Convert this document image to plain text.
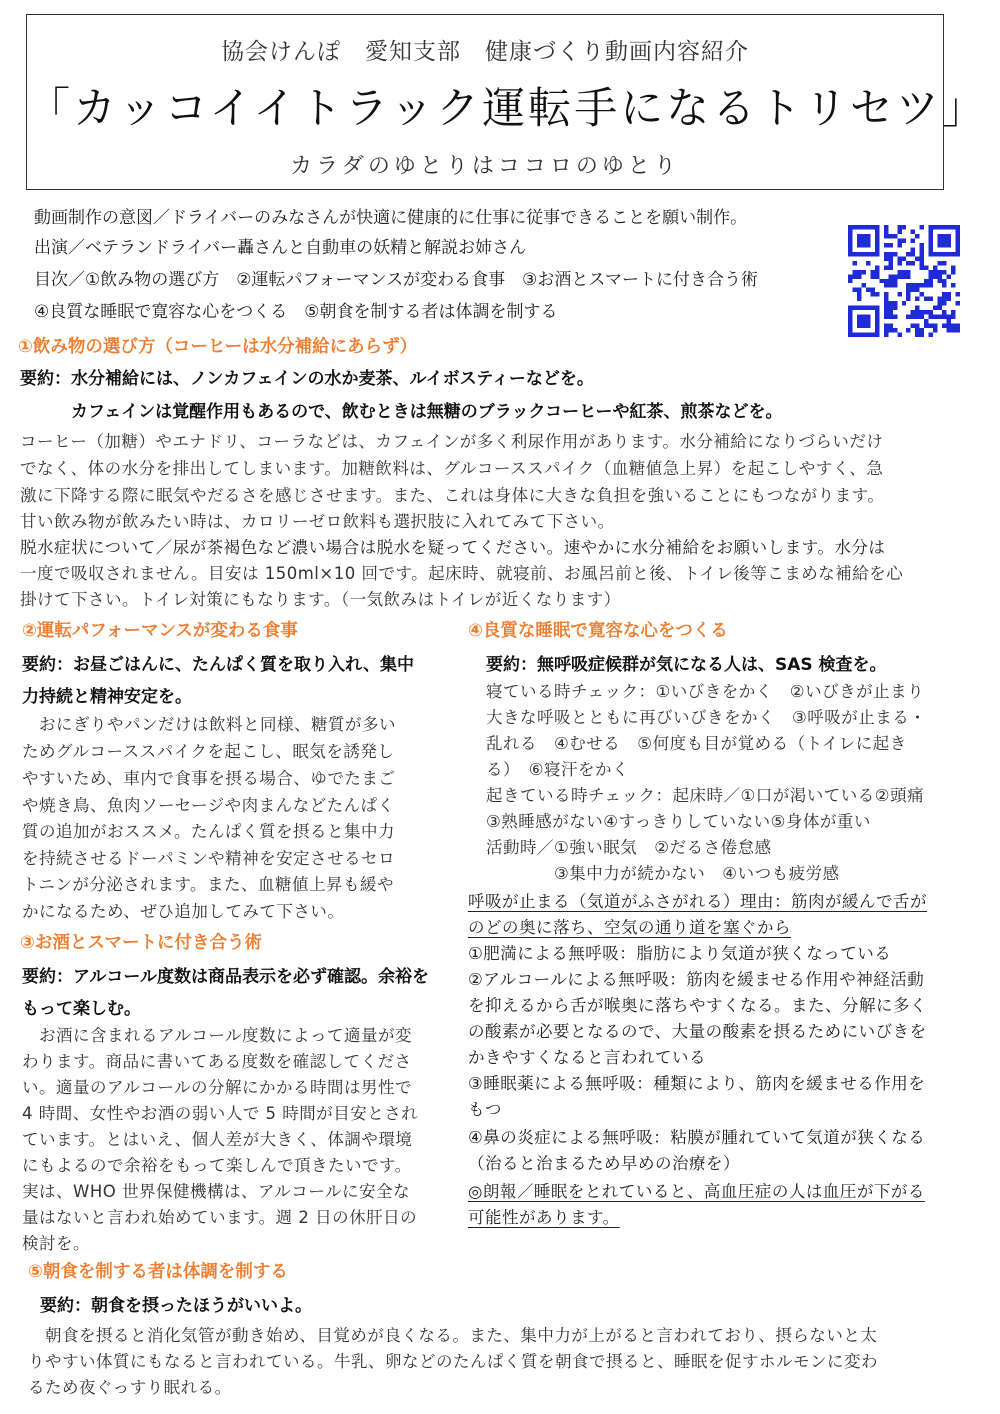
協会けんぽ　愛知支部　健康づくり動画内容紹介
「カッコイイトラック運転手になるトリセツ」
カラダのゆとりはココロのゆとり
動画制作の意図／ドライバーのみなさんが快適に健康的に仕事に従事できることを願い制作。
出演／ベテランドライバー轟さんと自動車の妖精と解説お姉さん
目次／①飲み物の選び方　②運転パフォーマンスが変わる食事　③お酒とスマートに付き合う術
④良質な睡眠で寛容な心をつくる　⑤朝食を制する者は体調を制する
①飲み物の選び方（コーヒーは水分補給にあらず）
要約：水分補給には、ノンカフェインの水か麦茶、ルイボスティーなどを。
　　　カフェインは覚醒作用もあるので、飲むときは無糖のブラックコーヒーや紅茶、煎茶などを。
コーヒー（加糖）やエナドリ、コーラなどは、カフェインが多く利尿作用があります。水分補給になりづらいだけ
でなく、体の水分を排出してしまいます。加糖飲料は、グルコーススパイク（血糖値急上昇）を起こしやすく、急
激に下降する際に眠気やだるさを感じさせます。また、これは身体に大きな負担を強いることにもつながります。
甘い飲み物が飲みたい時は、カロリーゼロ飲料も選択肢に入れてみて下さい。
脱水症状について／尿が茶褐色など濃い場合は脱水を疑ってください。速やかに水分補給をお願いします。水分は
一度で吸収されません。目安は 150ml×10 回です。起床時、就寝前、お風呂前と後、トイレ後等こまめな補給を心
掛けて下さい。トイレ対策にもなります。（一気飲みはトイレが近くなります）
②運転パフォーマンスが変わる食事
要約：お昼ごはんに、たんぱく質を取り入れ、集中
力持続と精神安定を。
　おにぎりやパンだけは飲料と同様、糖質が多い
ためグルコーススパイクを起こし、眠気を誘発し
やすいため、車内で食事を摂る場合、ゆでたまご
や焼き鳥、魚肉ソーセージや肉まんなどたんぱく
質の追加がおススメ。たんぱく質を摂ると集中力
を持続させるドーパミンや精神を安定させるセロ
トニンが分泌されます。また、血糖値上昇も緩や
かになるため、ぜひ追加してみて下さい。
③お酒とスマートに付き合う術
要約：アルコール度数は商品表示を必ず確認。余裕を
もって楽しむ。
　お酒に含まれるアルコール度数によって適量が変
わります。商品に書いてある度数を確認してくださ
い。適量のアルコールの分解にかかる時間は男性で
4 時間、女性やお酒の弱い人で 5 時間が目安とされ
ています。とはいえ、個人差が大きく、体調や環境
にもよるので余裕をもって楽しんで頂きたいです。
実は、WHO 世界保健機構は、アルコールに安全な
量はないと言われ始めています。週 2 日の休肝日の
検討を。
④良質な睡眠で寛容な心をつくる
要約：無呼吸症候群が気になる人は、SAS 検査を。
寝ている時チェック：①いびきをかく　②いびきが止まり
大きな呼吸とともに再びいびきをかく　③呼吸が止まる・
乱れる　④むせる　⑤何度も目が覚める（トイレに起き
る）　⑥寝汗をかく
起きている時チェック：起床時／①口が渇いている②頭痛
③熟睡感がない④すっきりしていない⑤身体が重い
活動時／①強い眠気　②だるさ倦怠感
　　　　③集中力が続かない　④いつも疲労感
呼吸が止まる（気道がふさがれる）理由：筋肉が緩んで舌が
のどの奥に落ち、空気の通り道を塞ぐから
①肥満による無呼吸：脂肪により気道が狭くなっている
②アルコールによる無呼吸：筋肉を緩ませる作用や神経活動
を抑えるから舌が喉奥に落ちやすくなる。また、分解に多く
の酸素が必要となるので、大量の酸素を摂るためにいびきを
かきやすくなると言われている
③睡眠薬による無呼吸：種類により、筋肉を緩ませる作用を
もつ
④鼻の炎症による無呼吸：粘膜が腫れていて気道が狭くなる
（治ると治まるため早めの治療を）
◎朗報／睡眠をとれていると、高血圧症の人は血圧が下がる
可能性があります。
⑤朝食を制する者は体調を制する
要約：朝食を摂ったほうがいいよ。
　朝食を摂ると消化気管が動き始め、目覚めが良くなる。また、集中力が上がると言われており、摂らないと太
りやすい体質にもなると言われている。牛乳、卵などのたんぱく質を朝食で摂ると、睡眠を促すホルモンに変わ
るため夜ぐっすり眠れる。
